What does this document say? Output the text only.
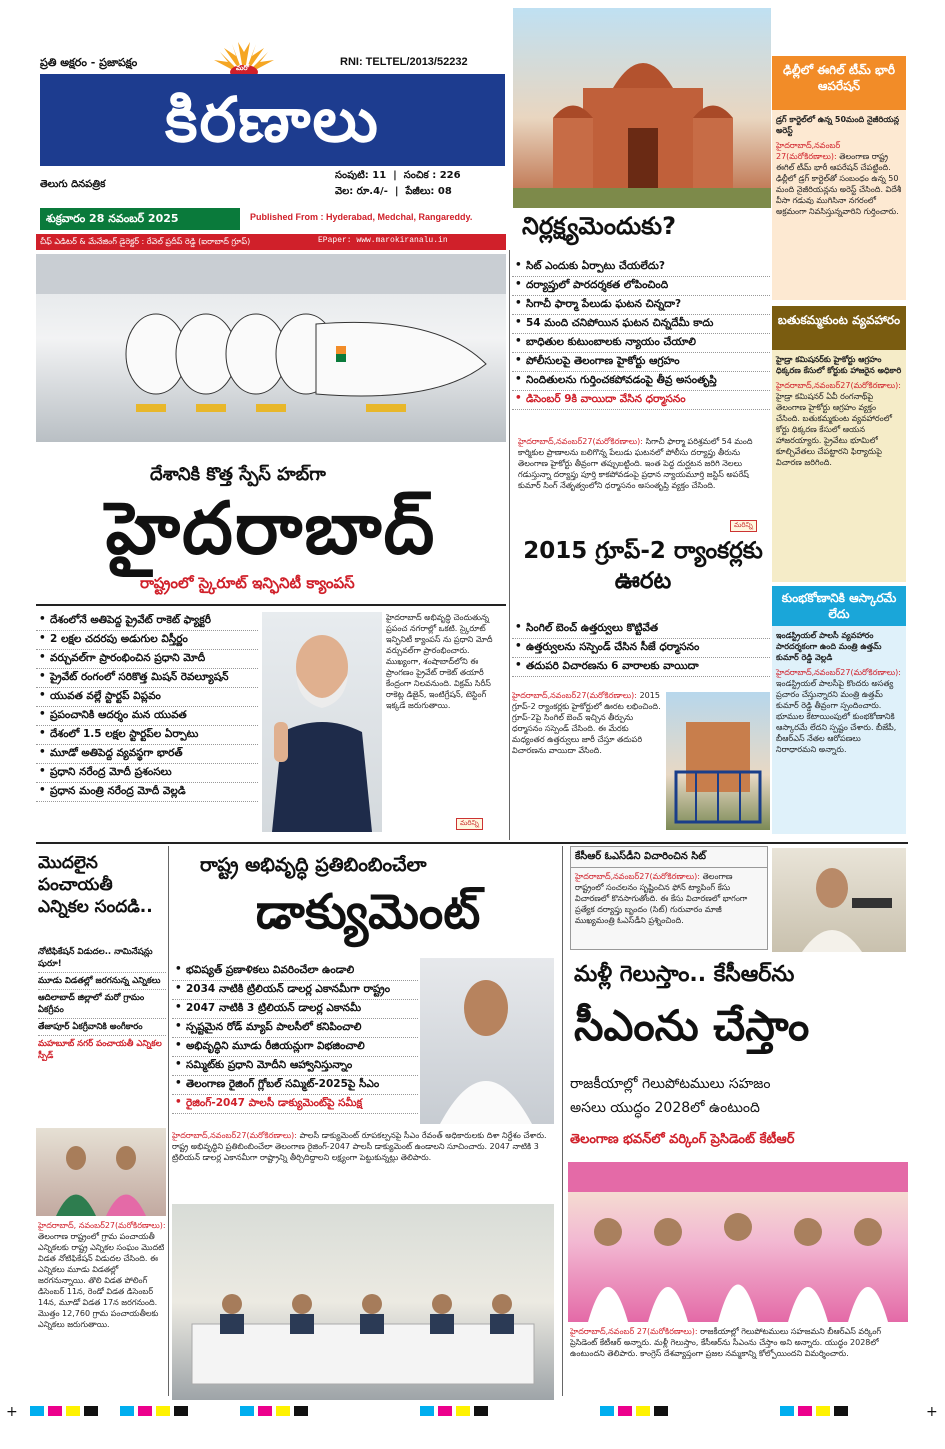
ప్రతి అక్షరం - ప్రజాపక్షం	మరో	RNI: TELTEL/2013/52232
కిరణాలు
తెలుగు దినపత్రిక
సంపుటి: 11  |  సంచిక : 226
వెల: రూ.4/-  |  పేజీలు: 08
శుక్రవారం 28 నవంబర్ 2025	Published From : Hyderabad, Medchal, Rangareddy.
చీఫ్ ఎడిటర్ & మేనేజింగ్ డైరెక్టర్ : రేవెల్ ప్రదీప్ రెడ్డి (ఐరాబాద్ గ్రూప్)	EPaper: www.marokiranalu.in
నిర్లక్ష్యమెందుకు?
• సిట్ ఎందుకు ఏర్పాటు చేయలేదు?
• దర్యాప్తులో పారదర్శకత లోపించింది
• సిగాచీ ఫార్మా పేలుడు ఘటన చిన్నదా?
• 54 మంది చనిపోయిన ఘటన చిన్నదేమీ కాదు
• బాధితుల కుటుంబాలకు న్యాయం చేయాలి
• పోలీసులపై తెలంగాణ హైకోర్టు ఆగ్రహం
• నిందితులను గుర్తించకపోవడంపై తీవ్ర అసంతృప్తి
• డిసెంబర్ 9కి వాయిదా వేసిన ధర్మాసనం
హైదరాబాద్,నవంబర్27(మరోకిరణాలు): సిగాచీ ఫార్మా పరిశ్రమలో 54 మంది కార్మికుల ప్రాణాలను బలిగొన్న పేలుడు ఘటనలో పోలీసు దర్యాప్తు తీరును తెలంగాణ హైకోర్టు తీవ్రంగా తప్పుబట్టింది. ఇంత పెద్ద దుర్ఘటన జరిగి నెలలు గడుస్తున్నా దర్యాప్తు పూర్తి కాకపోవడంపై ప్రధాన న్యాయమూర్తి జస్టిస్ అపరేష్ కుమార్ సింగ్ నేతృత్వంలోని ధర్మాసనం అసంతృప్తి వ్యక్తం చేసింది.
మరిన్ని
దేశానికి కొత్త స్పేస్ హబ్‌గా
హైదరాబాద్
రాష్ట్రంలో స్కైరూట్ ఇన్ఫినిటీ క్యాంపస్
• దేశంలోనే అతిపెద్ద ప్రైవేట్ రాకెట్ ఫ్యాక్టరీ
• 2 లక్షల చదరపు అడుగుల విస్తీర్ణం
• వర్చువల్‌గా ప్రారంభించిన ప్రధాని మోదీ
• ప్రైవేట్ రంగంలో సరికొత్త మిషన్ రెవల్యూషన్
• యువత వల్లే స్టార్టప్ విప్లవం
• ప్రపంచానికి ఆదర్శం మన యువత
• దేశంలో 1.5 లక్షల స్టార్టప్‌ల ఏర్పాటు
• మూడో అతిపెద్ద వ్యవస్థగా భారత్
• ప్రధాని నరేంద్ర మోదీ ప్రశంసలు
• ప్రధాన మంత్రి నరేంద్ర మోదీ వెల్లడి
హైదరాబాద్ అభివృద్ధి చెందుతున్న ప్రపంచ నగరాల్లో ఒకటి. స్కైరూట్ ఇన్ఫినిటీ క్యాంపస్ ను ప్రధాని మోదీ వర్చువల్‌గా ప్రారంభించారు. ముఖ్యంగా, శంషాబాద్‌లోని ఈ ప్రాంగణం ప్రైవేట్ రాకెట్ తయారీ కేంద్రంగా నిలవనుంది. విక్రమ్ సిరీస్ రాకెట్ల డిజైన్, ఇంటిగ్రేషన్, టెస్టింగ్ ఇక్కడే జరుగుతాయి.
మరిన్ని
2015 గ్రూప్-2 ర్యాంకర్లకు ఊరట
• సింగిల్ బెంచ్ ఉత్తర్వులు కొట్టివేత
• ఉత్తర్వులను సస్పెండ్ చేసిన సీజే ధర్మాసనం
• తదుపరి విచారణను 6 వారాలకు వాయిదా
హైదరాబాద్,నవంబర్27(మరోకిరణాలు): 2015 గ్రూప్-2 ర్యాంకర్లకు హైకోర్టులో ఊరట లభించింది. గ్రూప్-2పై సింగిల్ బెంచ్ ఇచ్చిన తీర్పును ధర్మాసనం సస్పెండ్ చేసింది. ఈ మేరకు మధ్యంతర ఉత్తర్వులు జారీ చేస్తూ తదుపరి విచారణను వాయిదా వేసింది.
ఢిల్లీలో ఈగిల్ టీమ్ భారీ ఆపరేషన్
డ్రగ్ కార్టెల్‌లో ఉన్న 50మంది నైజీరియన్ల అరెస్ట్
హైదరాబాద్,నవంబర్ 27(మరోకిరణాలు): తెలంగాణ రాష్ట్ర ఈగిల్ టీమ్ భారీ ఆపరేషన్ చేపట్టింది. ఢిల్లీలో డ్రగ్ కార్టెల్‌తో సంబంధం ఉన్న 50 మంది నైజీరియన్లను అరెస్ట్ చేసింది. విదేశీ వీసా గడువు ముగిసినా నగరంలో అక్రమంగా నివసిస్తున్నవారిని గుర్తించారు.
బతుకమ్మకుంట వ్యవహారం
హైడ్రా కమిషనర్‌కు హైకోర్టు ఆగ్రహం ధిక్కరణ కేసులో కోర్టుకు హాజరైన అధికారి
హైదరాబాద్,నవంబర్27(మరోకిరణాలు): హైడ్రా కమిషనర్ ఏవీ రంగనాథ్‌పై తెలంగాణ హైకోర్టు ఆగ్రహం వ్యక్తం చేసింది. బతుకమ్మకుంట వ్యవహారంలో కోర్టు ధిక్కరణ కేసులో ఆయన హాజరయ్యారు. ప్రైవేటు భూమిలో కూల్చివేతలు చేపట్టారని ఫిర్యాదుపై విచారణ జరిగింది.
కుంభకోణానికి ఆస్కారమే లేదు
ఇండస్ట్రియల్ పాలసీ వ్యవహారం పారదర్శకంగా ఉంది మంత్రి ఉత్తమ్ కుమార్ రెడ్డి వెల్లడి
హైదరాబాద్,నవంబర్27(మరోకిరణాలు): ఇండస్ట్రియల్ పాలసీపై కొందరు అసత్య ప్రచారం చేస్తున్నారని మంత్రి ఉత్తమ్ కుమార్ రెడ్డి తీవ్రంగా స్పందించారు. భూముల కేటాయింపులో కుంభకోణానికి ఆస్కారమే లేదని స్పష్టం చేశారు. బీజేపీ, బీఆర్ఎస్ నేతల ఆరోపణలు నిరాధారమని అన్నారు.
కేసీఆర్ ఓఎస్‌డీని విచారించిన సిట్
హైదరాబాద్,నవంబర్27(మరోకిరణాలు): తెలంగాణ రాష్ట్రంలో సంచలనం సృష్టించిన ఫోన్ ట్యాపింగ్ కేసు విచారణలో కొనసాగుతోంది. ఈ కేసు విచారణలో భాగంగా ప్రత్యేక దర్యాప్తు బృందం (సిట్) గురువారం మాజీ ముఖ్యమంత్రి ఓఎస్‌డీని ప్రశ్నించింది.
మొదలైన పంచాయతీ ఎన్నికల సందడి..
నోటిఫికేషన్ విడుదల.. నామినేషన్లు షురూ!
మూడు విడతల్లో జరగనున్న ఎన్నికలు
ఆదిలాబాద్ జిల్లాలో మరో గ్రామం ఏకగ్రీవం
తేజాపూర్ ఏకగ్రీవానికి అంగీకారం
మహబూబ్ నగర్ పంచాయతీ ఎన్నికల స్పీడ్
హైదరాబాద్, నవంబర్27(మరోకిరణాలు): తెలంగాణ రాష్ట్రంలో గ్రామ పంచాయతీ ఎన్నికలకు రాష్ట్ర ఎన్నికల సంఘం మొదటి విడత నోటిఫికేషన్ విడుదల చేసింది. ఈ ఎన్నికలు మూడు విడతల్లో జరగనున్నాయి. తొలి విడత పోలింగ్ డిసెంబర్ 11న, రెండో విడత డిసెంబర్ 14న, మూడో విడత 17న జరగనుంది. మొత్తం 12,760 గ్రామ పంచాయతీలకు ఎన్నికలు జరుగుతాయి.
రాష్ట్ర అభివృద్ధి ప్రతిబింబించేలా
డాక్యుమెంట్
• భవిష్యత్ ప్రణాళికలు వివరించేలా ఉండాలి
• 2034 నాటికి ట్రిలియన్ డాలర్ల ఎకానమీగా రాష్ట్రం
• 2047 నాటికి 3 ట్రిలియన్ డాలర్ల ఎకానమీ
• స్పష్టమైన రోడ్ మ్యాప్ పాలసీలో కనిపించాలి
• అభివృద్ధిని మూడు రీజియన్లుగా విభజించాలి
• సమ్మిట్‌కు ప్రధాని మోదీని ఆహ్వానిస్తున్నాం
• తెలంగాణ రైజింగ్ గ్లోబల్ సమ్మిట్-2025పై సీఎం
• రైజింగ్-2047 పాలసీ డాక్యుమెంట్‌పై సమీక్ష
హైదరాబాద్,నవంబర్27(మరోకిరణాలు): పాలసీ డాక్యుమెంట్ రూపకల్పనపై సీఎం రేవంత్ అధికారులకు దిశా నిర్దేశం చేశారు. రాష్ట్ర అభివృద్ధిని ప్రతిబింబించేలా తెలంగాణ రైజింగ్-2047 పాలసీ డాక్యుమెంట్ ఉండాలని సూచించారు. 2047 నాటికి 3 ట్రిలియన్ డాలర్ల ఎకానమీగా రాష్ట్రాన్ని తీర్చిదిద్దాలని లక్ష్యంగా పెట్టుకున్నట్లు తెలిపారు.
మళ్లీ గెలుస్తాం.. కేసీఆర్‌ను
సీఎంను చేస్తాం
రాజకీయాల్లో గెలుపోటములు సహజం
అసలు యుద్ధం 2028లో ఉంటుంది
తెలంగాణ భవన్‌లో వర్కింగ్ ప్రెసిడెంట్ కేటీఆర్
హైదరాబాద్,నవంబర్ 27(మరోకిరణాలు): రాజకీయాల్లో గెలుపోటములు సహజమని బీఆర్ఎస్ వర్కింగ్ ప్రెసిడెంట్ కేటీఆర్ అన్నారు. మళ్లీ గెలుస్తాం, కేసీఆర్‌ను సీఎంను చేస్తాం అని అన్నారు. యుద్ధం 2028లో ఉంటుందని తెలిపారు. కాంగ్రెస్ దేశవ్యాప్తంగా ప్రజల నమ్మకాన్ని కోల్పోయిందని విమర్శించారు.
+	+
